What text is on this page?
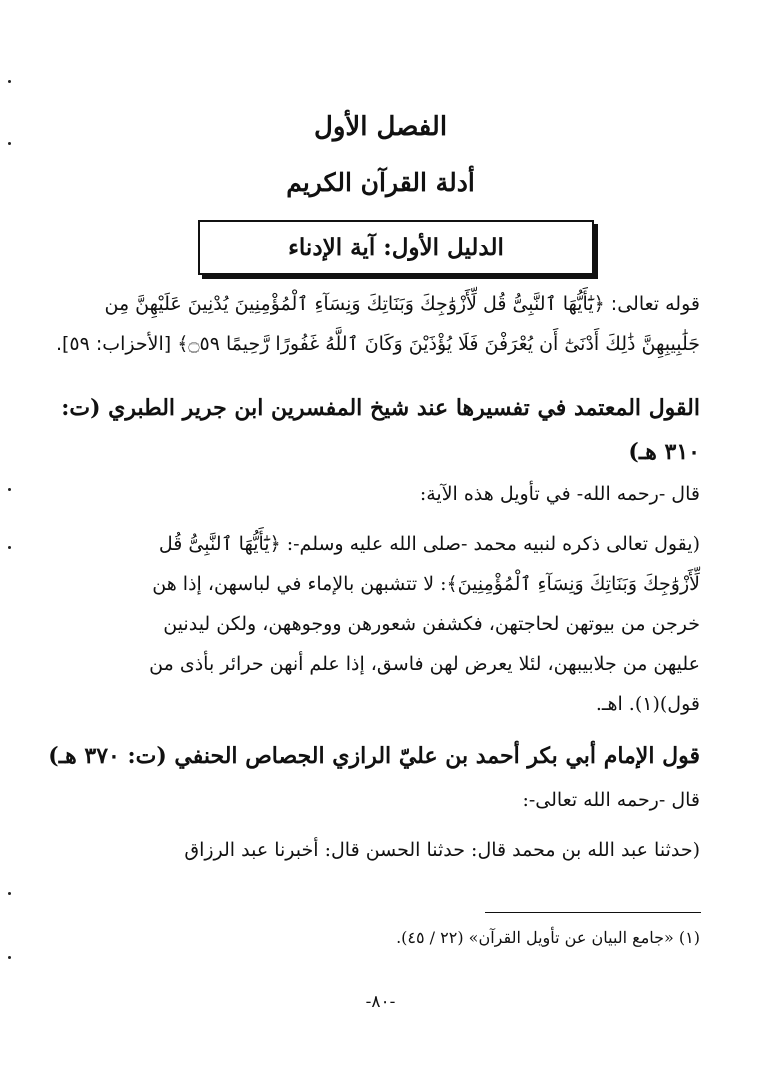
الفصل الأول
أدلة القرآن الكريم
الدليل الأول: آية الإدناء
قوله تعالى: ﴿يَٰٓأَيُّهَا ٱلنَّبِىُّ قُل لِّأَزْوَٰجِكَ وَبَنَاتِكَ وَنِسَآءِ ٱلْمُؤْمِنِينَ يُدْنِينَ عَلَيْهِنَّ مِن
جَلَٰبِيبِهِنَّ ذَٰلِكَ أَدْنَىٰٓ أَن يُعْرَفْنَ فَلَا يُؤْذَيْنَ وَكَانَ ٱللَّهُ غَفُورًا رَّحِيمًا ۝٥٩﴾ [الأحزاب: ٥٩].
القول المعتمد في تفسيرها عند شيخ المفسرين ابن جرير الطبري (ت:
٣١٠ هـ)
قال -رحمه الله- في تأويل هذه الآية:
(يقول تعالى ذكره لنبيه محمد -صلى الله عليه وسلم-: ﴿يَٰٓأَيُّهَا ٱلنَّبِىُّ قُل
لِّأَزْوَٰجِكَ وَبَنَاتِكَ وَنِسَآءِ ٱلْمُؤْمِنِينَ﴾: لا تتشبهن بالإماء في لباسهن، إذا هن
خرجن من بيوتهن لحاجتهن، فكشفن شعورهن ووجوههن، ولكن ليدنين
عليهن من جلابيبهن، لئلا يعرض لهن فاسق، إذا علم أنهن حرائر بأذى من
قول)(١). اهـ.
قول الإمام أبي بكر أحمد بن عليّ الرازي الجصاص الحنفي (ت: ٣٧٠ هـ)
قال -رحمه الله تعالى-:
(حدثنا عبد الله بن محمد قال: حدثنا الحسن قال: أخبرنا عبد الرزاق
(١) «جامع البيان عن تأويل القرآن» (٢٢ / ٤٥).
-٨٠-
